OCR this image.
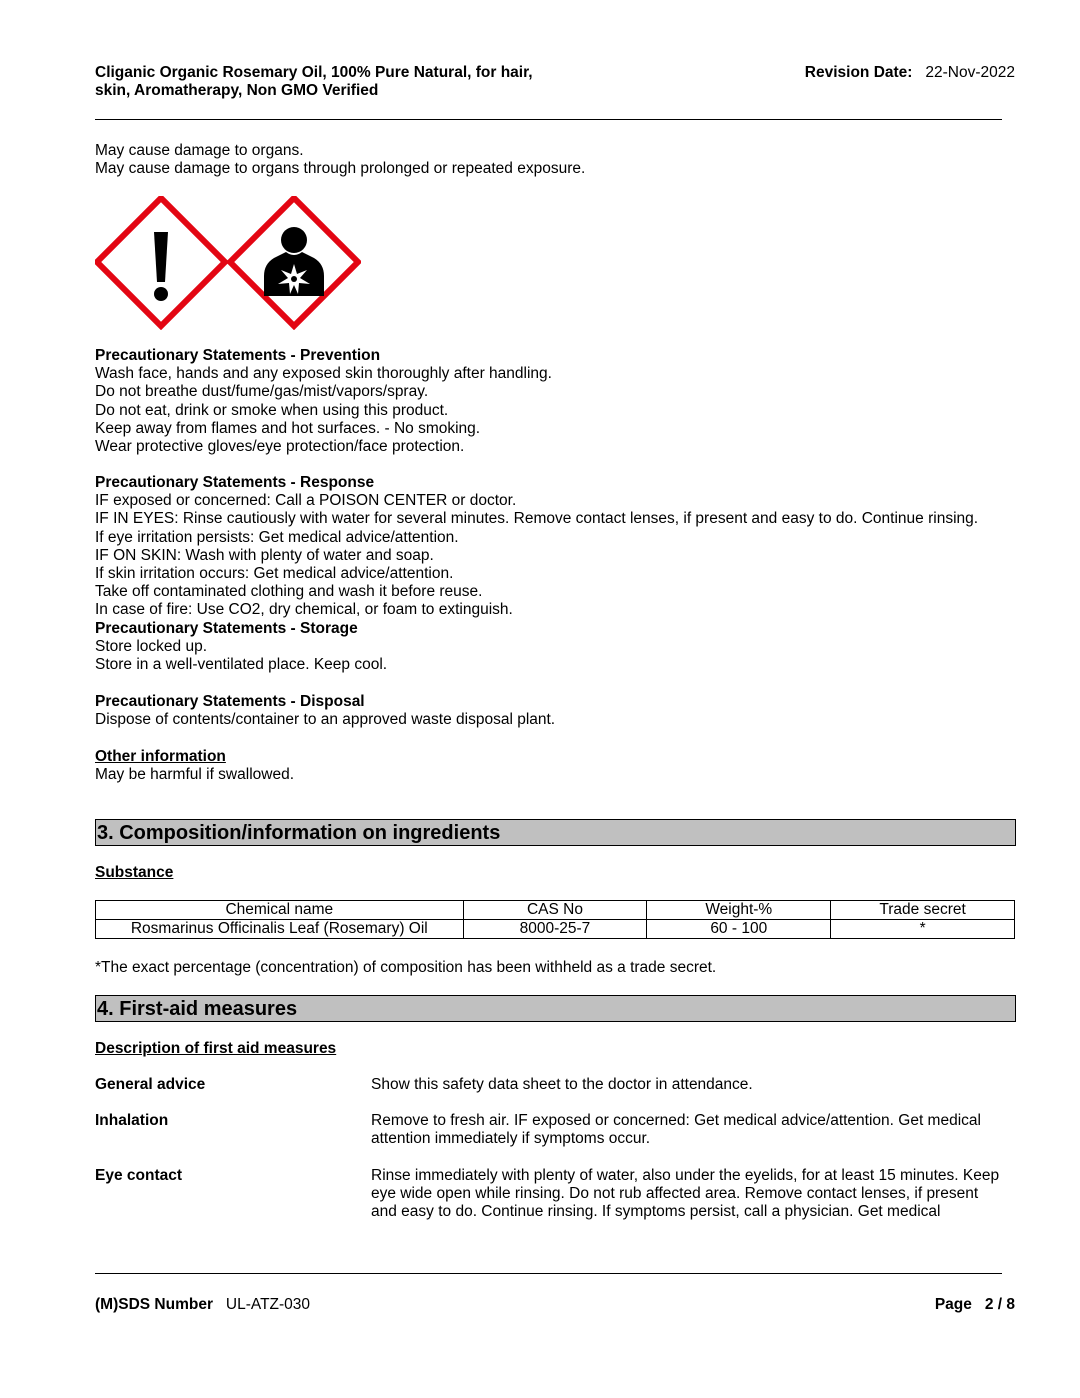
Cliganic Organic Rosemary Oil, 100% Pure Natural, for hair,
skin, Aromatherapy, Non GMO Verified
Revision Date: 22-Nov-2022
May cause damage to organs.
May cause damage to organs through prolonged or repeated exposure.
Precautionary Statements - Prevention
Wash face, hands and any exposed skin thoroughly after handling.
Do not breathe dust/fume/gas/mist/vapors/spray.
Do not eat, drink or smoke when using this product.
Keep away from flames and hot surfaces. - No smoking.
Wear protective gloves/eye protection/face protection.
Precautionary Statements - Response
IF exposed or concerned: Call a POISON CENTER or doctor.
IF IN EYES: Rinse cautiously with water for several minutes. Remove contact lenses, if present and easy to do. Continue rinsing.
If eye irritation persists: Get medical advice/attention.
IF ON SKIN: Wash with plenty of water and soap.
If skin irritation occurs: Get medical advice/attention.
Take off contaminated clothing and wash it before reuse.
In case of fire: Use CO2, dry chemical, or foam to extinguish.
Precautionary Statements - Storage
Store locked up.
Store in a well-ventilated place. Keep cool.
Precautionary Statements - Disposal
Dispose of contents/container to an approved waste disposal plant.
Other information
May be harmful if swallowed.
3. Composition/information on ingredients
Substance
Chemical name	CAS No	Weight-%	Trade secret
Rosmarinus Officinalis Leaf (Rosemary) Oil	8000-25-7	60 - 100	*
*The exact percentage (concentration) of composition has been withheld as a trade secret.
4. First-aid measures
Description of first aid measures
General advice	Show this safety data sheet to the doctor in attendance.
Inhalation	Remove to fresh air. IF exposed or concerned: Get medical advice/attention. Get medical
attention immediately if symptoms occur.
Eye contact	Rinse immediately with plenty of water, also under the eyelids, for at least 15 minutes. Keep
eye wide open while rinsing. Do not rub affected area. Remove contact lenses, if present
and easy to do. Continue rinsing. If symptoms persist, call a physician. Get medical
(M)SDS Number UL-ATZ-030	Page 2 / 8
